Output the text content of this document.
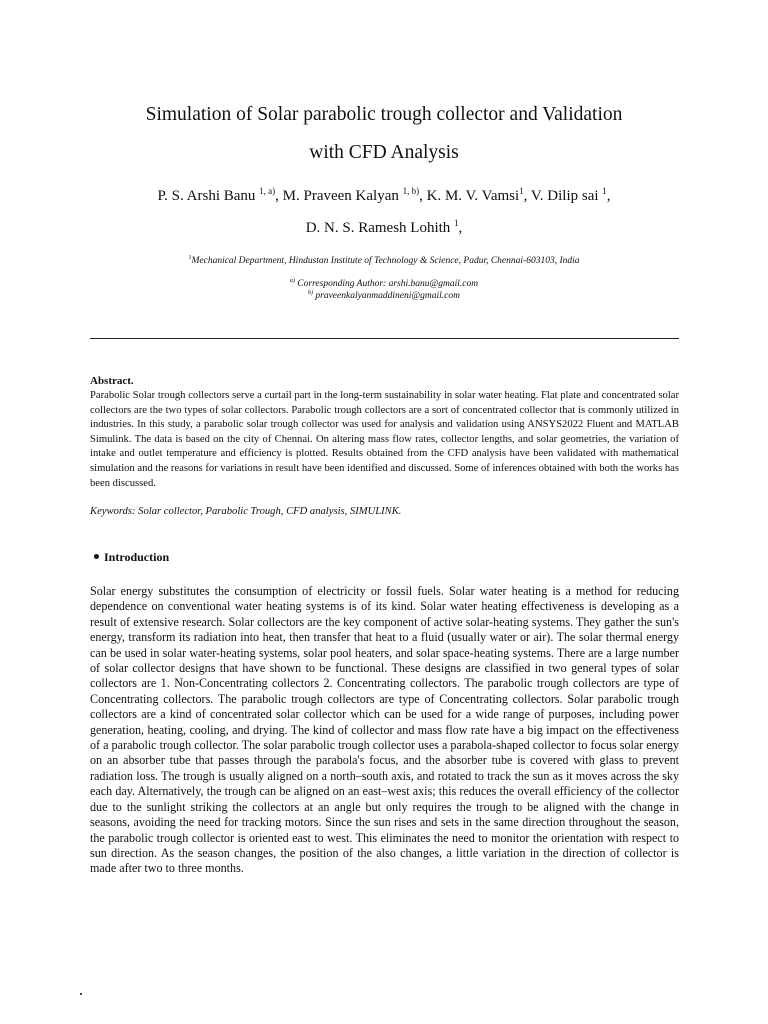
Simulation of Solar parabolic trough collector and Validation
with CFD Analysis
P. S. Arshi Banu $^{1, a)}$, M. Praveen Kalyan $^{1, b)}$, K. M. V. Vamsi$^1$, V. Dilip sai $^1$,
D. N. S. Ramesh Lohith $^1$,
$^1$Mechanical Department, Hindustan Institute of Technology & Science, Padur, Chennai-603103, India
$^{a)}$ Corresponding Author: arshi.banu@gmail.com
$^{b)}$ praveenkalyanmaddineni@gmail.com
Abstract.

Parabolic Solar trough collectors serve a curtail part in the long-term sustainability in solar water heating. Flat plate and concentrated solar collectors are the two types of solar collectors. Parabolic trough collectors are a sort of concentrated collector that is commonly utilized in industries. In this study, a parabolic solar trough collector was used for analysis and validation using ANSYS2022 Fluent and MATLAB Simulink. The data is based on the city of Chennai. On altering mass flow rates, collector lengths, and solar geometries, the variation of intake and outlet temperature and efficiency is plotted. Results obtained from the CFD analysis have been validated with mathematical simulation and the reasons for variations in result have been identified and discussed. Some of inferences obtained with both the works has been discussed.

Keywords: Solar collector, Parabolic Trough, CFD analysis, SIMULINK.
Introduction

Solar energy substitutes the consumption of electricity or fossil fuels. Solar water heating is a method for reducing dependence on conventional water heating systems is of its kind. Solar water heating effectiveness is developing as a result of extensive research. Solar collectors are the key component of active solar-heating systems. They gather the sun's energy, transform its radiation into heat, then transfer that heat to a fluid (usually water or air). The solar thermal energy can be used in solar water-heating systems, solar pool heaters, and solar space-heating systems. There are a large number of solar collector designs that have shown to be functional. These designs are classified in two general types of solar collectors are 1. Non-Concentrating collectors 2. Concentrating collectors. The parabolic trough collectors are type of Concentrating collectors. The parabolic trough collectors are type of Concentrating collectors. Solar parabolic trough collectors are a kind of concentrated solar collector which can be used for a wide range of purposes, including power generation, heating, cooling, and drying. The kind of collector and mass flow rate have a big impact on the effectiveness of a parabolic trough collector. The solar parabolic trough collector uses a parabola-shaped collector to focus solar energy on an absorber tube that passes through the parabola's focus, and the absorber tube is covered with glass to prevent radiation loss. The trough is usually aligned on a north–south axis, and rotated to track the sun as it moves across the sky each day. Alternatively, the trough can be aligned on an east–west axis; this reduces the overall efficiency of the collector due to the sunlight striking the collectors at an angle but only requires the trough to be aligned with the change in seasons, avoiding the need for tracking motors. Since the sun rises and sets in the same direction throughout the season, the parabolic trough collector is oriented east to west. This eliminates the need to monitor the orientation with respect to sun direction. As the season changes, the position of the also changes, a little variation in the direction of collector is made after two to three months.
